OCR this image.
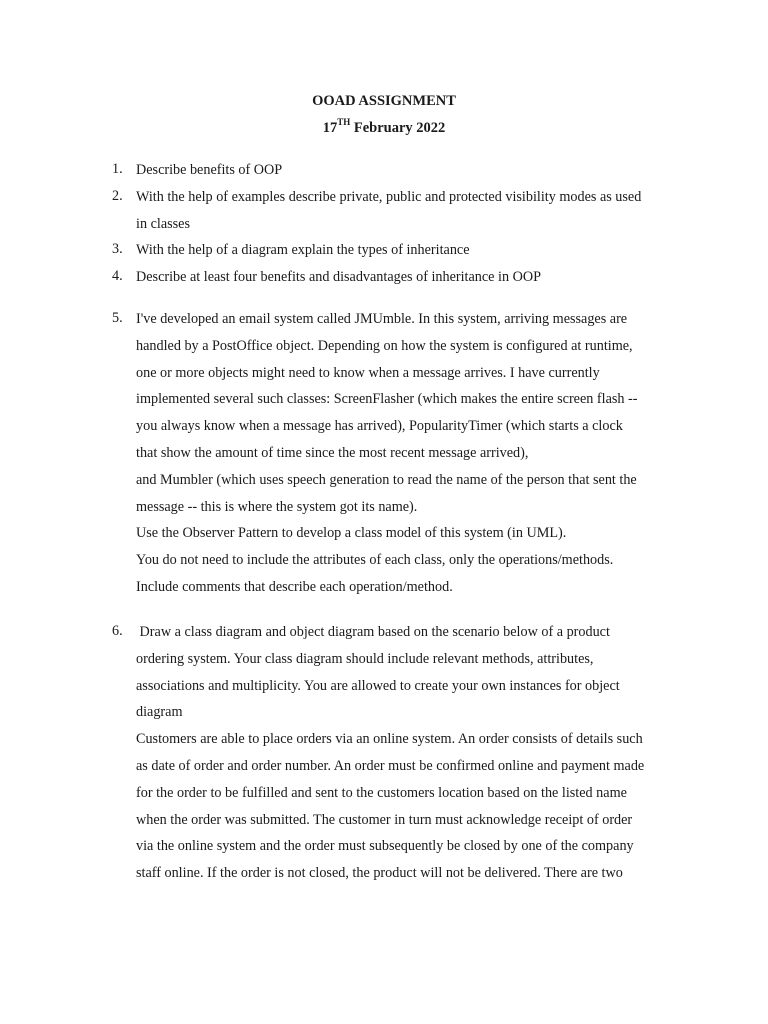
OOAD ASSIGNMENT
17TH February 2022
1. Describe benefits of OOP
2. With the help of examples describe private, public and protected visibility modes as used
in classes
3. With the help of a diagram explain the types of inheritance
4. Describe at least four benefits and disadvantages of inheritance in OOP
5. I've developed an email system called JMUmble. In this system, arriving messages are
handled by a PostOffice object. Depending on how the system is configured at runtime,
one or more objects might need to know when a message arrives. I have currently
implemented several such classes: ScreenFlasher (which makes the entire screen flash --
you always know when a message has arrived), PopularityTimer (which starts a clock
that show the amount of time since the most recent message arrived),
and Mumbler (which uses speech generation to read the name of the person that sent the
message -- this is where the system got its name).
Use the Observer Pattern to develop a class model of this system (in UML).
You do not need to include the attributes of each class, only the operations/methods.
Include comments that describe each operation/method.
6. Draw a class diagram and object diagram based on the scenario below of a product
ordering system. Your class diagram should include relevant methods, attributes,
associations and multiplicity. You are allowed to create your own instances for object
diagram
Customers are able to place orders via an online system. An order consists of details such
as date of order and order number. An order must be confirmed online and payment made
for the order to be fulfilled and sent to the customers location based on the listed name
when the order was submitted. The customer in turn must acknowledge receipt of order
via the online system and the order must subsequently be closed by one of the company
staff online. If the order is not closed, the product will not be delivered. There are two
